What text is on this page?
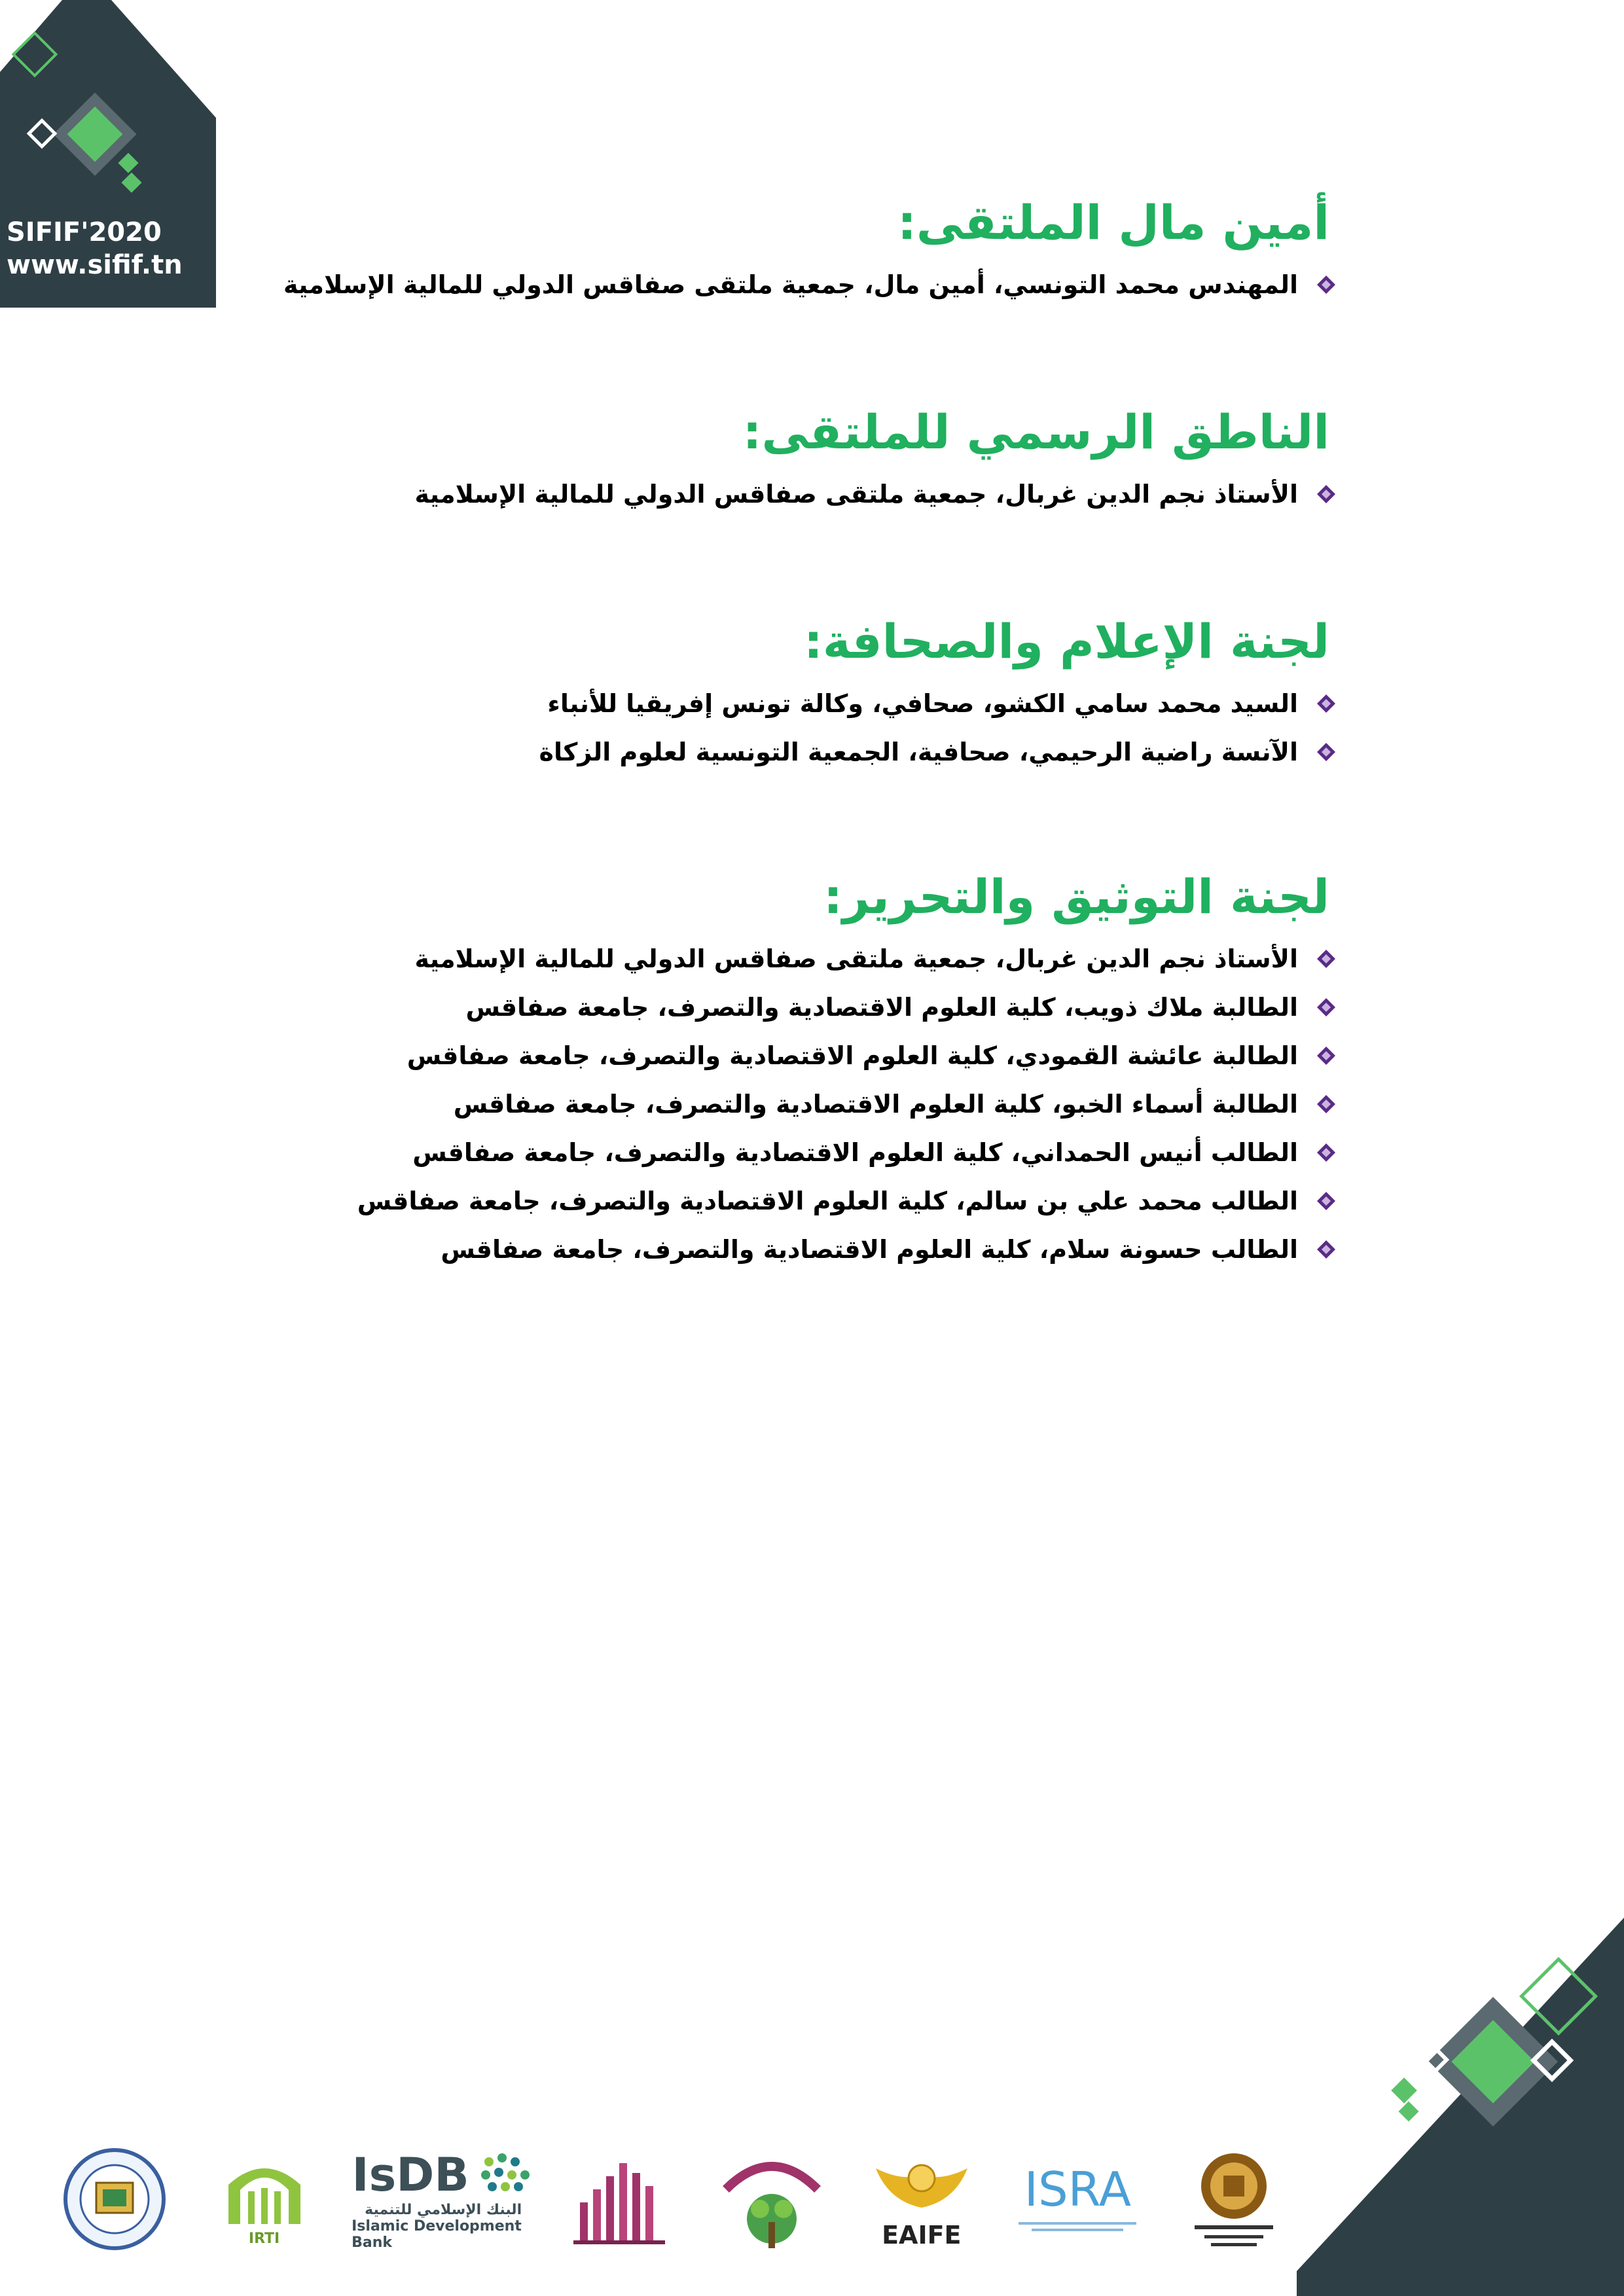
SIFIF'2020
www.sifif.tn
أمين مال الملتقى:
المهندس محمد التونسي، أمين مال، جمعية ملتقى صفاقس الدولي للمالية الإسلامية
الناطق الرسمي للملتقى:
الأستاذ نجم الدين غربال، جمعية ملتقى صفاقس الدولي للمالية الإسلامية
لجنة الإعلام والصحافة:
السيد محمد سامي الكشو، صحافي، وكالة تونس إفريقيا للأنباء
الآنسة راضية الرحيمي، صحافية، الجمعية التونسية لعلوم الزكاة
لجنة التوثيق والتحرير:
الأستاذ نجم الدين غربال، جمعية ملتقى صفاقس الدولي للمالية الإسلامية
الطالبة ملاك ذويب، كلية العلوم الاقتصادية والتصرف، جامعة صفاقس
الطالبة عائشة القمودي، كلية العلوم الاقتصادية والتصرف، جامعة صفاقس
الطالبة أسماء الخبو، كلية العلوم الاقتصادية والتصرف، جامعة صفاقس
الطالب أنيس الحمداني، كلية العلوم الاقتصادية والتصرف، جامعة صفاقس
الطالب محمد علي بن سالم، كلية العلوم الاقتصادية والتصرف، جامعة صفاقس
الطالب حسونة سلام، كلية العلوم الاقتصادية والتصرف، جامعة صفاقس
IRTI
IsDB
البنك الإسلامي للتنمية
Islamic Development Bank	EAIFE
ISRA
